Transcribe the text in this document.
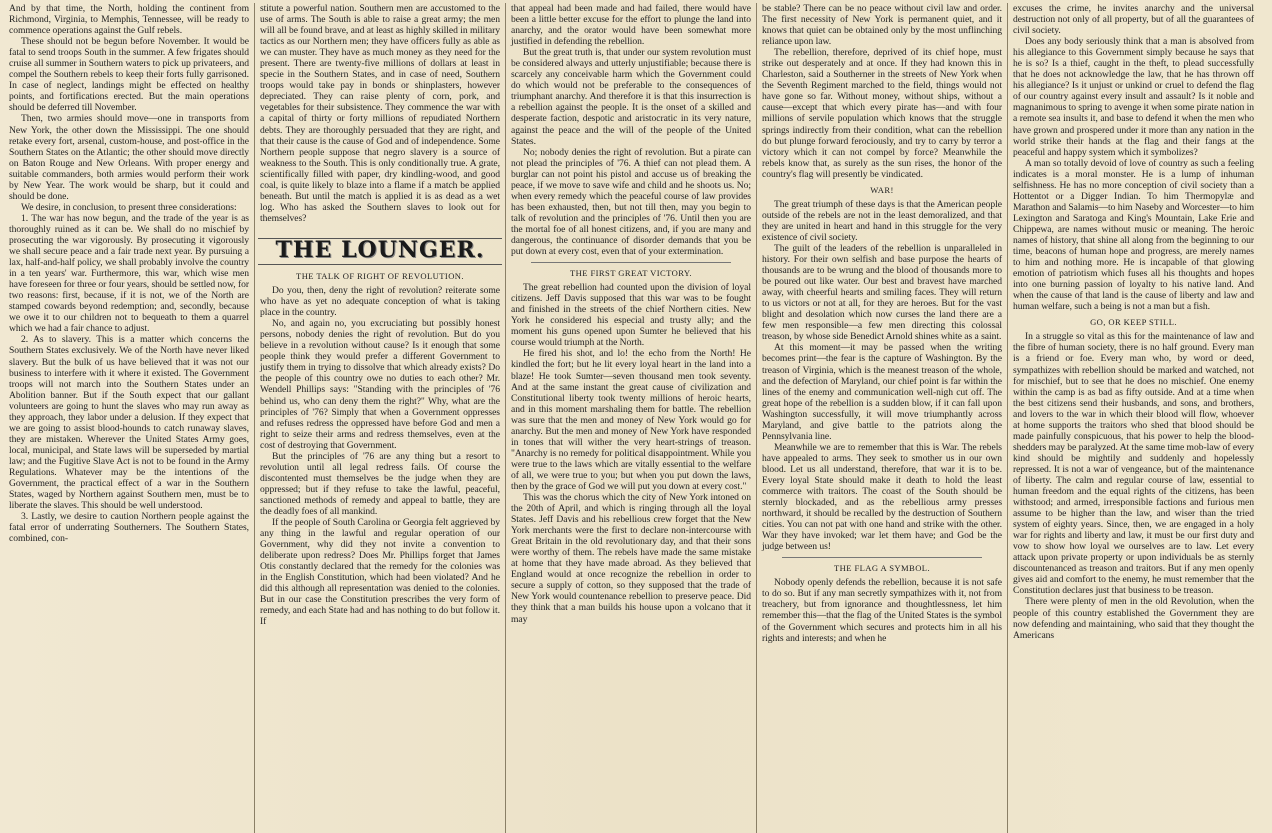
And by that time, the North, holding the continent from Richmond, Virginia, to Memphis, Tennessee, will be ready to commence operations against the Gulf rebels.

These should not be begun before November. It would be fatal to send troops South in the summer. A few frigates should cruise all summer in Southern waters to pick up privateers, and compel the Southern rebels to keep their forts fully garrisoned. In case of neglect, landings might be effected on healthy points, and fortifications erected. But the main operations should be deferred till November.

Then, two armies should move—one in transports from New York, the other down the Mississippi. The one should retake every fort, arsenal, custom-house, and post-office in the Southern States on the Atlantic; the other should move directly on Baton Rouge and New Orleans. With proper energy and suitable commanders, both armies would perform their work by New Year. The work would be sharp, but it could and should be done.

We desire, in conclusion, to present three considerations:

1. The war has now begun, and the trade of the year is as thoroughly ruined as it can be. We shall do no mischief by prosecuting the war vigorously. By prosecuting it vigorously we shall secure peace and a fair trade next year. By pursuing a lax, half-and-half policy, we shall probably involve the country in a ten years' war. Furthermore, this war, which wise men have foreseen for three or four years, should be settled now, for two reasons: first, because, if it is not, we of the North are stamped cowards beyond redemption; and, secondly, because we owe it to our children not to bequeath to them a quarrel which we had a fair chance to adjust.

2. As to slavery. This is a matter which concerns the Southern States exclusively. We of the North have never liked slavery. But the bulk of us have believed that it was not our business to interfere with it where it existed. The Government troops will not march into the Southern States under an Abolition banner. But if the South expect that our gallant volunteers are going to hunt the slaves who may run away as they approach, they labor under a delusion. If they expect that we are going to assist blood-hounds to catch runaway slaves, they are mistaken. Wherever the United States Army goes, local, municipal, and State laws will be superseded by martial law; and the Fugitive Slave Act is not to be found in the Army Regulations. Whatever may be the intentions of the Government, the practical effect of a war in the Southern States, waged by Northern against Southern men, must be to liberate the slaves. This should be well understood.

3. Lastly, we desire to caution Northern people against the fatal error of underrating Southerners. The Southern States, combined, con-

stitute a powerful nation. Southern men are accustomed to the use of arms. The South is able to raise a great army; the men will all be found brave, and at least as highly skilled in military tactics as our Northern men; they have officers fully as able as we can muster. They have as much money as they need for the present. There are twenty-five millions of dollars at least in specie in the Southern States, and in case of need, Southern troops would take pay in bonds or shinplasters, however depreciated. They can raise plenty of corn, pork, and vegetables for their subsistence. They commence the war with a capital of thirty or forty millions of repudiated Northern debts. They are thoroughly persuaded that they are right, and that their cause is the cause of God and of independence. Some Northern people suppose that negro slavery is a source of weakness to the South. This is only conditionally true. A grate, scientifically filled with paper, dry kindling-wood, and good coal, is quite likely to blaze into a flame if a match be applied beneath. But until the match is applied it is as dead as a wet log. Who has asked the Southern slaves to look out for themselves?

THE LOUNGER.
THE TALK OF RIGHT OF REVOLUTION.

Do you, then, deny the right of revolution? reiterate some who have as yet no adequate conception of what is taking place in the country.

No, and again no, you excruciating but possibly honest persons, nobody denies the right of revolution. But do you believe in a revolution without cause? Is it enough that some people think they would prefer a different Government to justify them in trying to dissolve that which already exists? Do the people of this country owe no duties to each other? Mr. Wendell Phillips says: "Standing with the principles of '76 behind us, who can deny them the right?" Why, what are the principles of '76? Simply that when a Government oppresses and refuses redress the oppressed have before God and men a right to seize their arms and redress themselves, even at the cost of destroying that Government.

But the principles of '76 are any thing but a resort to revolution until all legal redress fails. Of course the discontented must themselves be the judge when they are oppressed; but if they refuse to take the lawful, peaceful, sanctioned methods of remedy and appeal to battle, they are the deadly foes of all mankind.

If the people of South Carolina or Georgia felt aggrieved by any thing in the lawful and regular operation of our Government, why did they not invite a convention to deliberate upon redress? Does Mr. Phillips forget that James Otis constantly declared that the remedy for the colonies was in the English Constitution, which had been violated? And he did this although all representation was denied to the colonies. But in our case the Constitution prescribes the very form of remedy, and each State had and has nothing to do but follow it. If

that appeal had been made and had failed, there would have been a little better excuse for the effort to plunge the land into anarchy, and the orator would have been somewhat more justified in defending the rebellion.

But the great truth is, that under our system revolution must be considered always and utterly unjustifiable; because there is scarcely any conceivable harm which the Government could do which would not be preferable to the consequences of triumphant anarchy. And therefore it is that this insurrection is a rebellion against the people. It is the onset of a skilled and desperate faction, despotic and aristocratic in its very nature, against the peace and the will of the people of the United States.

No; nobody denies the right of revolution. But a pirate can not plead the principles of '76. A thief can not plead them. A burglar can not point his pistol and accuse us of breaking the peace, if we move to save wife and child and he shoots us. No; when every remedy which the peaceful course of law provides has been exhausted, then, but not till then, may you begin to talk of revolution and the principles of '76. Until then you are the mortal foe of all honest citizens, and, if you are many and dangerous, the continuance of disorder demands that you be put down at every cost, even that of your extermination.

THE FIRST GREAT VICTORY.

The great rebellion had counted upon the division of loyal citizens. Jeff Davis supposed that this war was to be fought and finished in the streets of the chief Northern cities. New York he considered his especial and trusty ally; and the moment his guns opened upon Sumter he believed that his course would triumph at the North.

He fired his shot, and lo! the echo from the North! He kindled the fort; but he lit every loyal heart in the land into a blaze! He took Sumter—seven thousand men took seventy. And at the same instant the great cause of civilization and Constitutional liberty took twenty millions of heroic hearts, and in this moment marshaling them for battle. The rebellion was sure that the men and money of New York would go for anarchy. But the men and money of New York have responded in tones that will wither the very heart-strings of treason. "Anarchy is no remedy for political disappointment. While you were true to the laws which are vitally essential to the welfare of all, we were true to you; but when you put down the laws, then by the grace of God we will put you down at every cost."

This was the chorus which the city of New York intoned on the 20th of April, and which is ringing through all the loyal States. Jeff Davis and his rebellious crew forget that the New York merchants were the first to declare non-intercourse with Great Britain in the old revolutionary day, and that their sons were worthy of them. The rebels have made the same mistake at home that they have made abroad. As they believed that England would at once recognize the rebellion in order to secure a supply of cotton, so they supposed that the trade of New York would countenance rebellion to preserve peace. Did they think that a man builds his house upon a volcano that it may

be stable? There can be no peace without civil law and order. The first necessity of New York is permanent quiet, and it knows that quiet can be obtained only by the most unflinching reliance upon law.

The rebellion, therefore, deprived of its chief hope, must strike out desperately and at once. If they had known this in Charleston, said a Southerner in the streets of New York when the Seventh Regiment marched to the field, things would not have gone so far. Without money, without ships, without a cause—except that which every pirate has—and with four millions of servile population which knows that the struggle springs indirectly from their condition, what can the rebellion do but plunge forward ferociously, and try to carry by terror a victory which it can not compel by force? Meanwhile the rebels know that, as surely as the sun rises, the honor of the country's flag will presently be vindicated.

WAR!

The great triumph of these days is that the American people outside of the rebels are not in the least demoralized, and that they are united in heart and hand in this struggle for the very existence of civil society.

The guilt of the leaders of the rebellion is unparalleled in history. For their own selfish and base purpose the hearts of thousands are to be wrung and the blood of thousands more to be poured out like water. Our best and bravest have marched away, with cheerful hearts and smiling faces. They will return to us victors or not at all, for they are heroes. But for the vast blight and desolation which now curses the land there are a few men responsible—a few men directing this colossal treason, by whose side Benedict Arnold shines white as a saint.

At this moment—it may be passed when the writing becomes print—the fear is the capture of Washington. By the treason of Virginia, which is the meanest treason of the whole, and the defection of Maryland, our chief point is far within the lines of the enemy and communication well-nigh cut off. The great hope of the rebellion is a sudden blow, if it can fall upon Washington successfully, it will move triumphantly across Maryland, and give battle to the patriots along the Pennsylvania line.

Meanwhile we are to remember that this is War. The rebels have appealed to arms. They seek to smother us in our own blood. Let us all understand, therefore, that war it is to be. Every loyal State should make it death to hold the least commerce with traitors. The coast of the South should be sternly blockaded, and as the rebellious army presses northward, it should be recalled by the destruction of Southern cities. You can not pat with one hand and strike with the other. War they have invoked; war let them have; and God be the judge between us!

THE FLAG A SYMBOL.

Nobody openly defends the rebellion, because it is not safe to do so. But if any man secretly sympathizes with it, not from treachery, but from ignorance and thoughtlessness, let him remember this—that the flag of the United States is the symbol of the Government which secures and protects him in all his rights and interests; and when he

excuses the crime, he invites anarchy and the universal destruction not only of all property, but of all the guarantees of civil society.

Does any body seriously think that a man is absolved from his allegiance to this Government simply because he says that he is so? Is a thief, caught in the theft, to plead successfully that he does not acknowledge the law, that he has thrown off his allegiance? Is it unjust or unkind or cruel to defend the flag of our country against every insult and assault? Is it noble and magnanimous to spring to avenge it when some pirate nation in a remote sea insults it, and base to defend it when the men who have grown and prospered under it more than any nation in the world strike their hands at the flag and their fangs at the peaceful and happy system which it symbolizes?

A man so totally devoid of love of country as such a feeling indicates is a moral monster. He is a lump of inhuman selfishness. He has no more conception of civil society than a Hottentot or a Digger Indian. To him Thermopylæ and Marathon and Salamis—to him Naseby and Worcester—to him Lexington and Saratoga and King's Mountain, Lake Erie and Chippewa, are names without music or meaning. The heroic names of history, that shine all along from the beginning to our time, beacons of human hope and progress, are merely names to him and nothing more. He is incapable of that glowing emotion of patriotism which fuses all his thoughts and hopes into one burning passion of loyalty to his native land. And when the cause of that land is the cause of liberty and law and human welfare, such a being is not a man but a fish.

GO, OR KEEP STILL.

In a struggle so vital as this for the maintenance of law and the fibre of human society, there is no half ground. Every man is a friend or foe. Every man who, by word or deed, sympathizes with rebellion should be marked and watched, not for mischief, but to see that he does no mischief. One enemy within the camp is as bad as fifty outside. And at a time when the best citizens send their husbands, and sons, and brothers, and lovers to the war in which their blood will flow, whoever at home supports the traitors who shed that blood should be made painfully conspicuous, that his power to help the blood-shedders may be paralyzed. At the same time mob-law of every kind should be mightily and suddenly and hopelessly repressed. It is not a war of vengeance, but of the maintenance of liberty. The calm and regular course of law, essential to human freedom and the equal rights of the citizens, has been withstood; and armed, irresponsible factions and furious men assume to be higher than the law, and wiser than the tried system of eighty years. Since, then, we are engaged in a holy war for rights and liberty and law, it must be our first duty and vow to show how loyal we ourselves are to law. Let every attack upon private property or upon individuals be as sternly discountenanced as treason and traitors. But if any men openly gives aid and comfort to the enemy, he must remember that the Constitution declares just that business to be treason.

There were plenty of men in the old Revolution, when the people of this country established the Government they are now defending and maintaining, who said that they thought the Americans
